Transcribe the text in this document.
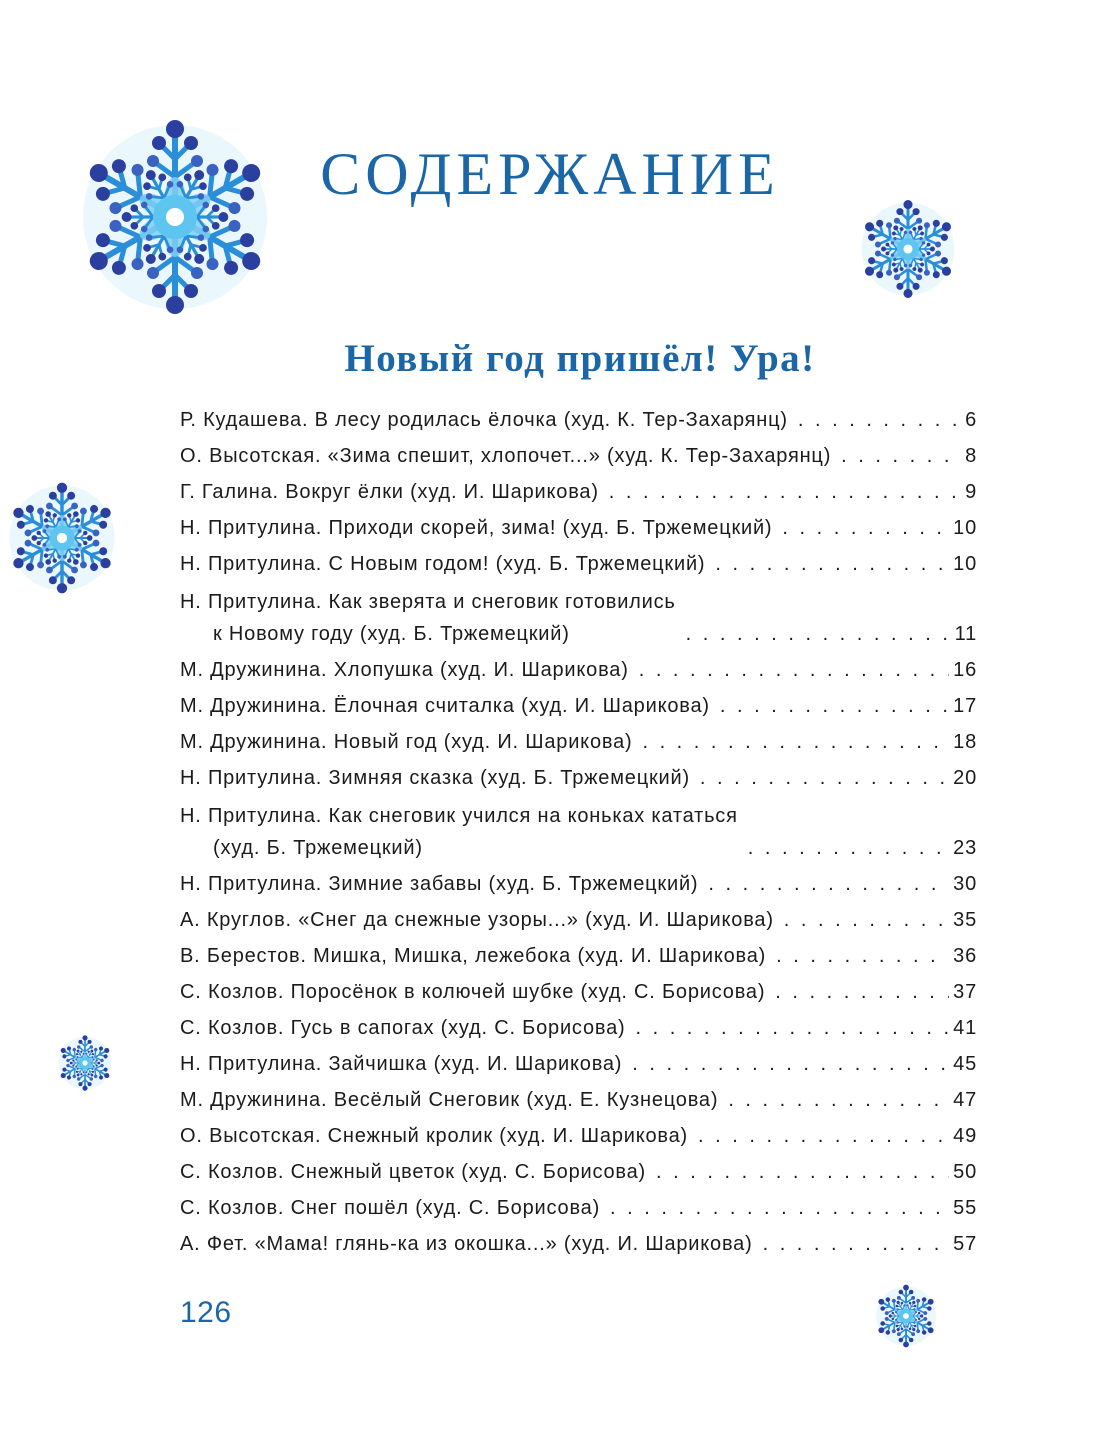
СОДЕРЖАНИЕ
Новый год пришёл! Ура!
Р. Кудашева. В лесу родилась ёлочка (худ. К. Тер-Захарянц) . . .	6
О. Высотская. «Зима спешит, хлопочет...» (худ. К. Тер-Захарянц) . . .	8
Г. Галина. Вокруг ёлки (худ. И. Шарикова) . . .	9
Н. Притулина. Приходи скорей, зима! (худ. Б. Тржемецкий) . . .	10
Н. Притулина. С Новым годом! (худ. Б. Тржемецкий) . . .	10
Н. Притулина. Как зверята и снеговик готовились
к Новому году (худ. Б. Тржемецкий) . . .	11
М. Дружинина. Хлопушка (худ. И. Шарикова) . . .	16
М. Дружинина. Ёлочная считалка (худ. И. Шарикова) . . .	17
М. Дружинина. Новый год (худ. И. Шарикова) . . .	18
Н. Притулина. Зимняя сказка (худ. Б. Тржемецкий) . . .	20
Н. Притулина. Как снеговик учился на коньках кататься
(худ. Б. Тржемецкий) . . .	23
Н. Притулина. Зимние забавы (худ. Б. Тржемецкий) . . .	30
А. Круглов. «Снег да снежные узоры...» (худ. И. Шарикова) . . .	35
В. Берестов. Мишка, Мишка, лежебока (худ. И. Шарикова) . . .	36
С. Козлов. Поросёнок в колючей шубке (худ. С. Борисова) . . .	37
С. Козлов. Гусь в сапогах (худ. С. Борисова) . . .	41
Н. Притулина. Зайчишка (худ. И. Шарикова) . . .	45
М. Дружинина. Весёлый Снеговик (худ. Е. Кузнецова) . . .	47
О. Высотская. Снежный кролик (худ. И. Шарикова) . . .	49
С. Козлов. Снежный цветок (худ. С. Борисова) . . .	50
С. Козлов. Снег пошёл (худ. С. Борисова) . . .	55
А. Фет. «Мама! глянь-ка из окошка...» (худ. И. Шарикова) . . .	57
126
